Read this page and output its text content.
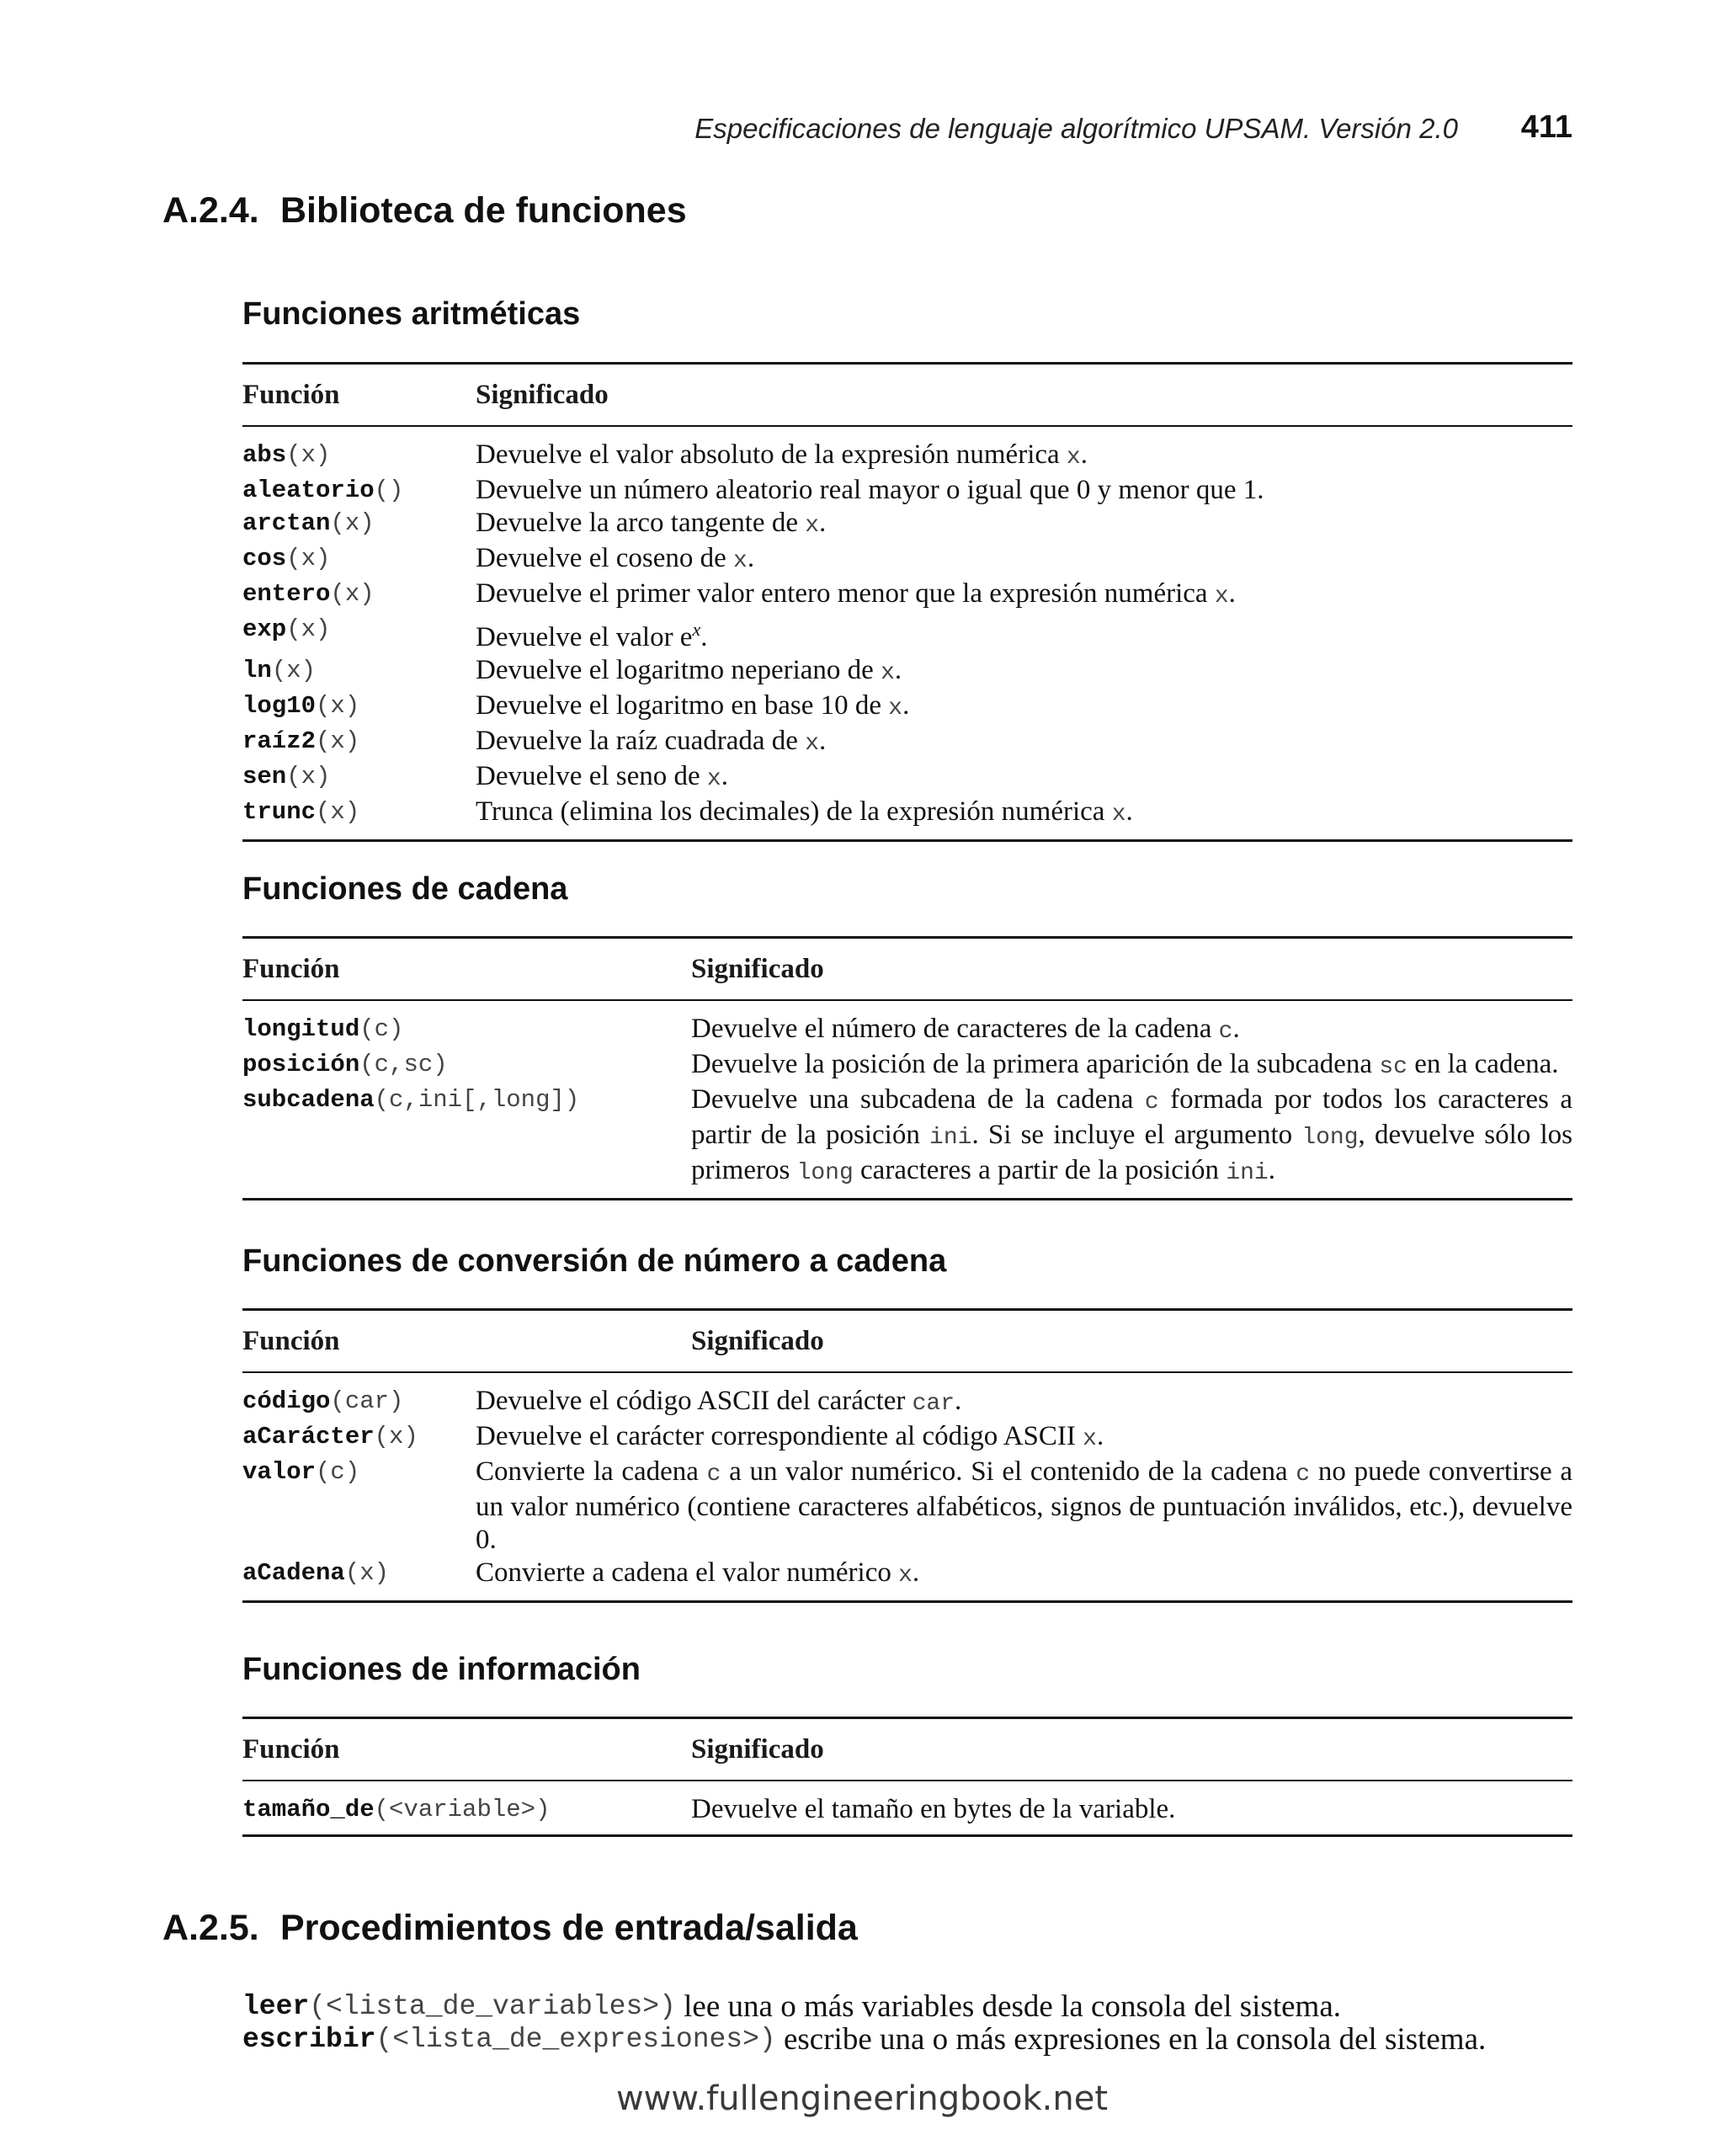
Especificaciones de lenguaje algorítmico UPSAM. Versión 2.0 411
A.2.4. Biblioteca de funciones
Funciones aritméticas
Función	Significado
abs(x)	Devuelve el valor absoluto de la expresión numérica x.
aleatorio()	Devuelve un número aleatorio real mayor o igual que 0 y menor que 1.
arctan(x)	Devuelve la arco tangente de x.
cos(x)	Devuelve el coseno de x.
entero(x)	Devuelve el primer valor entero menor que la expresión numérica x.
exp(x)	Devuelve el valor $e^x$.
ln(x)	Devuelve el logaritmo neperiano de x.
log10(x)	Devuelve el logaritmo en base 10 de x.
raíz2(x)	Devuelve la raíz cuadrada de x.
sen(x)	Devuelve el seno de x.
trunc(x)	Trunca (elimina los decimales) de la expresión numérica x.
Funciones de cadena
Función	Significado
longitud(c)	Devuelve el número de caracteres de la cadena c.
posición(c,sc)	Devuelve la posición de la primera aparición de la subcadena sc en la cadena.
subcadena(c,ini[,long])	Devuelve una subcadena de la cadena c formada por todos los caracteres a partir de la posición ini. Si se incluye el argumento long, devuelve sólo los primeros long caracteres a partir de la posición ini.
Funciones de conversión de número a cadena
Función	Significado
código(car)	Devuelve el código ASCII del carácter car.
aCarácter(x)	Devuelve el carácter correspondiente al código ASCII x.
valor(c)	Convierte la cadena c a un valor numérico. Si el contenido de la cadena c no puede convertirse a un valor numérico (contiene caracteres alfabéticos, signos de puntuación inválidos, etc.), devuelve 0.
aCadena(x)	Convierte a cadena el valor numérico x.
Funciones de información
Función	Significado
tamaño_de(<variable>)	Devuelve el tamaño en bytes de la variable.
A.2.5. Procedimientos de entrada/salida
leer(<lista_de_variables>) lee una o más variables desde la consola del sistema.
escribir(<lista_de_expresiones>) escribe una o más expresiones en la consola del sistema.
www.fullengineeringbook.net
